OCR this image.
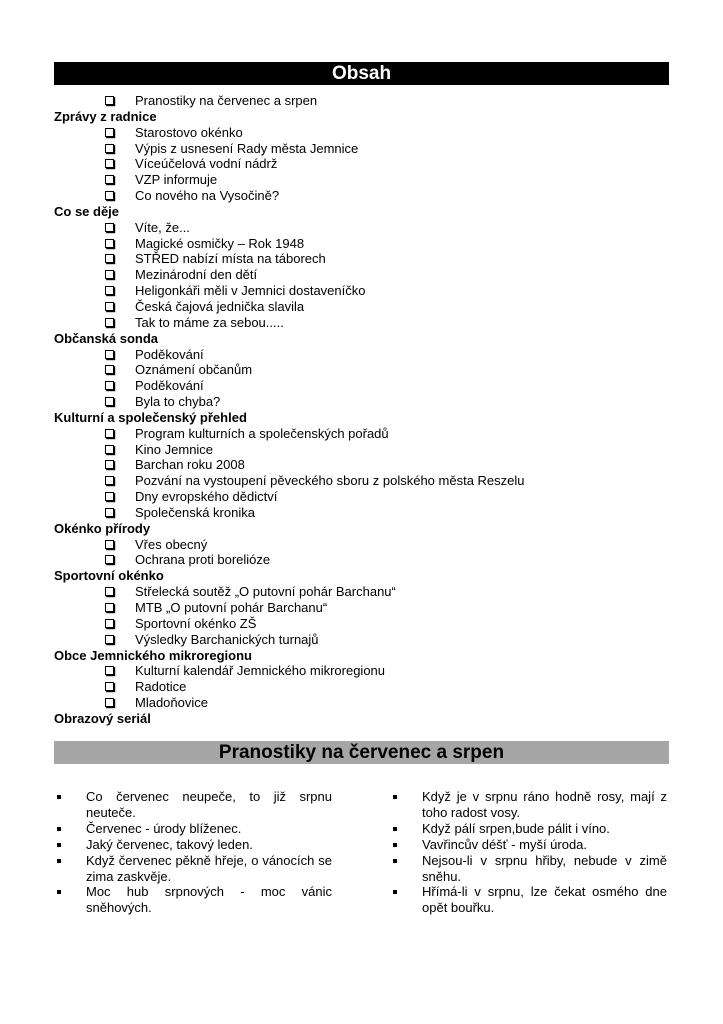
Obsah
Pranostiky na červenec a srpen
Zprávy z radnice
Starostovo okénko
Výpis z usnesení Rady města Jemnice
Víceúčelová vodní nádrž
VZP informuje
Co nového na Vysočině?
Co se děje
Víte, že...
Magické osmičky – Rok 1948
STŘED nabízí místa na táborech
Mezinárodní den dětí
Heligonkáři měli v Jemnici dostaveníčko
Česká čajová jednička slavila
Tak to máme za sebou.....
Občanská sonda
Poděkování
Oznámení občanům
Poděkování
Byla to chyba?
Kulturní a společenský přehled
Program kulturních a společenských pořadů
Kino Jemnice
Barchan roku 2008
Pozvání na vystoupení pěveckého sboru z polského města Reszelu
Dny evropského dědictví
Společenská kronika
Okénko přírody
Vřes obecný
Ochrana proti borelióze
Sportovní okénko
Střelecká soutěž „O putovní pohár Barchanu“
MTB „O putovní pohár Barchanu“
Sportovní okénko ZŠ
Výsledky Barchanických turnajů
Obce Jemnického mikroregionu
Kulturní kalendář Jemnického mikroregionu
Radotice
Mladoňovice
Obrazový seriál
Pranostiky na červenec a srpen
Co červenec neupeče, to již srpnu neuteče.
Červenec - úrody blíženec.
Jaký červenec, takový leden.
Když červenec pěkně hřeje, o vánocích se zima zaskvěje.
Moc hub srpnových - moc vánic sněhových.
Když je v srpnu ráno hodně rosy, mají z toho radost vosy.
Když pálí srpen,bude pálit i víno.
Vavřincův déšť - myší úroda.
Nejsou-li v srpnu hřiby, nebude v zimě sněhu.
Hřímá-li v srpnu, lze čekat osmého dne opět bouřku.
